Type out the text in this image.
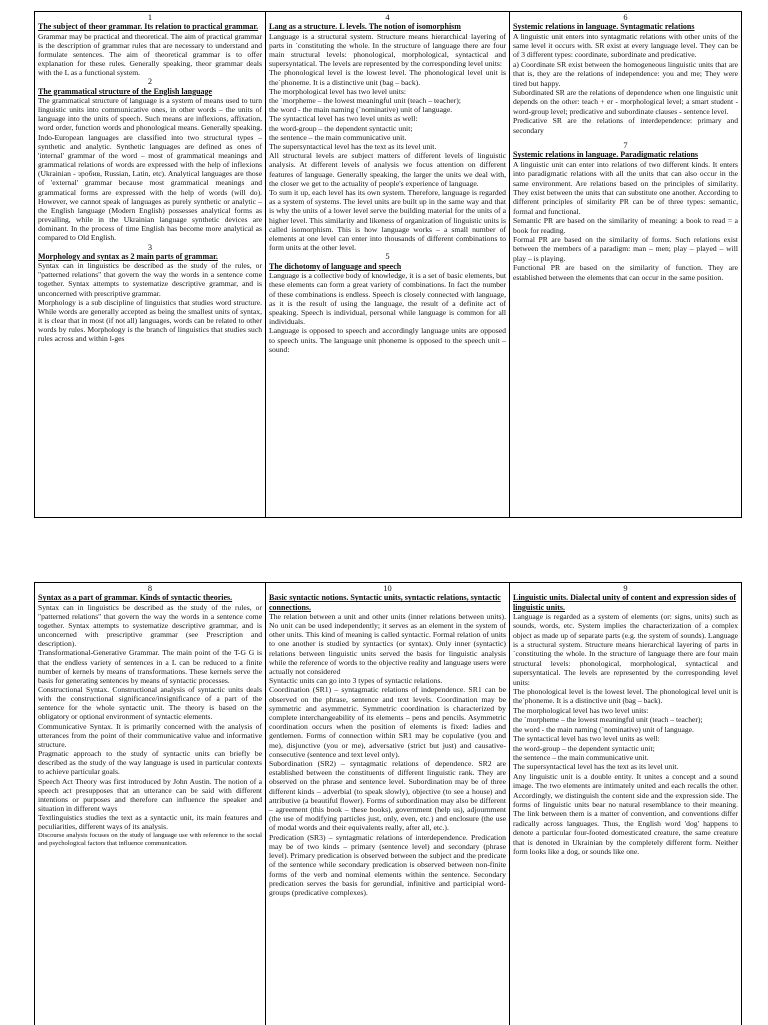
1
The subject of theor grammar. Its relation to practical grammar.

Grammar may be practical and theoretical. The aim of practical grammar is the description of grammar rules that are necessary to understand and formulate sentences. The aim of theoretical grammar is to offer explanation for these rules. Generally speaking, theor grammar deals with the L as a functional system.

2
The grammatical structure of the English language

The grammatical structure of language is a system of means used to turn linguistic units into communicative ones, in other words – the units of language into the units of speech. Such means are inflexions, affixation, word order, function words and phonological means. Generally speaking, Indo-European languages are classified into two structural types – synthetic and analytic. Synthetic languages are defined as ones of 'internal' grammar of the word – most of grammatical meanings and grammatical relations of words are expressed with the help of inflexions (Ukrainian - зробив, Russian, Latin, etc). Analytical languages are those of 'external' grammar because most grammatical meanings and grammatical forms are expressed with the help of words (will do). However, we cannot speak of languages as purely synthetic or analytic – the English language (Modern English) possesses analytical forms as prevailing, while in the Ukrainian language synthetic devices are dominant. In the process of time English has become more analytical as compared to Old English.

3
Morphology and syntax as 2 main parts of grammar.

Syntax can in linguistics be described as the study of the rules, or "patterned relations" that govern the way the words in a sentence come together. Syntax attempts to systematize descriptive grammar, and is unconcerned with prescriptive grammar.

Morphology is a sub discipline of linguistics that studies word structure. While words are generally accepted as being the smallest units of syntax, it is clear that in most (if not all) languages, words can be related to other words by rules. Morphology is the branch of linguistics that studies such rules across and within l-ges

4
Lang as a structure. L levels. The notion of isomorphism

Language is a structural system. Structure means hierarchical layering of parts in `constituting the whole. In the structure of language there are four main structural levels: phonological, morphological, syntactical and supersyntatical. The levels are represented by the corresponding level units:

The phonological level is the lowest level. The phonological level unit is the`phoneme. It is a distinctive unit (bag – back).

The morphological level has two level units:

the `morpheme – the lowest meaningful unit (teach – teacher);

the word - the main naming (`nominative) unit of language.

The syntactical level has two level units as well:

the word-group – the dependent syntactic unit;

the sentence – the main communicative unit.

The supersyntactical level has the text as its level unit.

All structural levels are subject matters of different levels of linguistic analysis. At different levels of analysis we focus attention on different features of language. Generally speaking, the larger the units we deal with, the closer we get to the actuality of people's experience of language.

To sum it up, each level has its own system. Therefore, language is regarded as a system of systems. The level units are built up in the same way and that is why the units of a lower level serve the building material for the units of a higher level. This similarity and likeness of organization of linguistic units is called isomorphism. This is how language works – a small number of elements at one level can enter into thousands of different combinations to form units at the other level.

5
The dichotomy of language and speech

Language is a collective body of knowledge, it is a set of basic elements, but these elements can form a great variety of combinations. In fact the number of these combinations is endless. Speech is closely connected with language, as it is the result of using the language, the result of a definite act of speaking. Speech is individual, personal while language is common for all individuals.

Language is opposed to speech and accordingly language units are opposed to speech units. The language unit phoneme is opposed to the speech unit – sound:

6
Systemic relations in language. Syntagmatic relations

A linguistic unit enters into syntagmatic relations with other units of the same level it occurs with. SR exist at every language level. They can be of 3 different types: coordinate, subordinate and predicative.

a) Coordinate SR exist between the homogeneous linguistic units that are that is, they are the relations of independence: you and me; They were tired but happy.

Subordinated SR are the relations of dependence when one linguistic unit depends on the other: teach + er - morphological level; a smart student - word-group level; predicative and subordinate clauses - sentence level.

Predicative SR are the relations of interdependence: primary and secondary

7
Systemic relations in language. Paradigmatic relations

A linguistic unit can enter into relations of two different kinds. It enters into paradigmatic relations with all the units that can also occur in the same environment. Are relations based on the principles of similarity. They exist between the units that can substitute one another. According to different principles of similarity PR can be of three types: semantic, formal and functional.

Semantic PR are based on the similarity of meaning: a book to read = a book for reading.

Formal PR are based on the similarity of forms. Such relations exist between the members of a paradigm: man – men; play – played – will play – is playing.

Functional PR are based on the similarity of function. They are established between the elements that can occur in the same position.

8
Syntax as a part of grammar. Kinds of syntactic theories.

Syntax can in linguistics be described as the study of the rules, or "patterned relations" that govern the way the words in a sentence come together. Syntax attempts to systematize descriptive grammar, and is unconcerned with prescriptive grammar (see Prescription and description).

Transformational-Generative Grammar. The main point of the T-G G is that the endless variety of sentences in a L can be reduced to a finite number of kernels by means of transformations. These kernels serve the basis for generating sentences by means of syntactic processes.

Constructional Syntax. Constructional analysis of syntactic units deals with the constructional significance/insignificance of a part of the sentence for the whole syntactic unit. The theory is based on the obligatory or optional environment of syntactic elements.

Communicative Syntax. It is primarily concerned with the analysis of utterances from the point of their communicative value and informative structure.

Pragmatic approach to the study of syntactic units can briefly be described as the study of the way language is used in particular contexts to achieve particular goals.

Speech Act Theory was first introduced by John Austin. The notion of a speech act presupposes that an utterance can be said with different intentions or purposes and therefore can influence the speaker and situation in different ways

Textlinguistics studies the text as a syntactic unit, its main features and peculiarities, different ways of its analysis.

Discourse analysis focuses on the study of language use with reference to the social and psychological factors that influence communication.

10
Basic syntactic notions. Syntactic units, syntactic relations, syntactic connections.

The relation between a unit and other units (inner relations between units). No unit can be used independently; it serves as an element in the system of other units. This kind of meaning is called syntactic. Formal relation of units to one another is studied by syntactics (or syntax). Only inner (syntactic) relations between linguistic units served the basis for linguistic analysis while the reference of words to the objective reality and language users were actually not considered

Syntactic units can go into 3 types of syntactic relations.

Coordination (SR1) – syntagmatic relations of independence. SR1 can be observed on the phrase, sentence and text levels. Coordination may be symmetric and asymmetric. Symmetric coordination is characterized by complete interchangeability of its elements – pens and pencils. Asymmetric coordination occurs when the position of elements is fixed: ladies and gentlemen. Forms of connection within SR1 may be copulative (you and me), disjunctive (you or me), adversative (strict but just) and causative-consecutive (sentence and text level only).

Subordination (SR2) – syntagmatic relations of dependence. SR2 are established between the constituents of different linguistic rank. They are observed on the phrase and sentence level. Subordination may be of three different kinds – adverbial (to speak slowly), objective (to see a house) and attributive (a beautiful flower). Forms of subordination may also be different – agreement (this book – these books), government (help us), adjournment (the use of modifying particles just, only, even, etc.) and enclosure (the use of modal words and their equivalents really, after all, etc.).

Predication (SR3) – syntagmatic relations of interdependence. Predication may be of two kinds – primary (sentence level) and secondary (phrase level). Primary predication is observed between the subject and the predicate of the sentence while secondary predication is observed between non-finite forms of the verb and nominal elements within the sentence. Secondary predication serves the basis for gerundial, infinitive and participial word-groups (predicative complexes).

9
Linguistic units. Dialectal unity of content and expression sides of linguistic units.

Language is regarded as a system of elements (or: signs, units) such as sounds, words, etc. System implies the characterization of a complex object as made up of separate parts (e.g. the system of sounds). Language is a structural system. Structure means hierarchical layering of parts in `constituting the whole. In the structure of language there are four main structural levels: phonological, morphological, syntactical and supersyntatical. The levels are represented by the corresponding level units:

The phonological level is the lowest level. The phonological level unit is the`phoneme. It is a distinctive unit (bag – back).

The morphological level has two level units:

the `morpheme – the lowest meaningful unit (teach – teacher);

the word - the main naming (`nominative) unit of language.

The syntactical level has two level units as well:

the word-group – the dependent syntactic unit;

the sentence – the main communicative unit.

The supersyntactical level has the text as its level unit.

Any linguistic unit is a double entity. It unites a concept and a sound image. The two elements are intimately united and each recalls the other. Accordingly, we distinguish the content side and the expression side. The forms of linguistic units bear no natural resemblance to their meaning. The link between them is a matter of convention, and conventions differ radically across languages. Thus, the English word 'dog' happens to denote a particular four-footed domesticated creature, the same creature that is denoted in Ukrainian by the completely different form. Neither form looks like a dog, or sounds like one.
